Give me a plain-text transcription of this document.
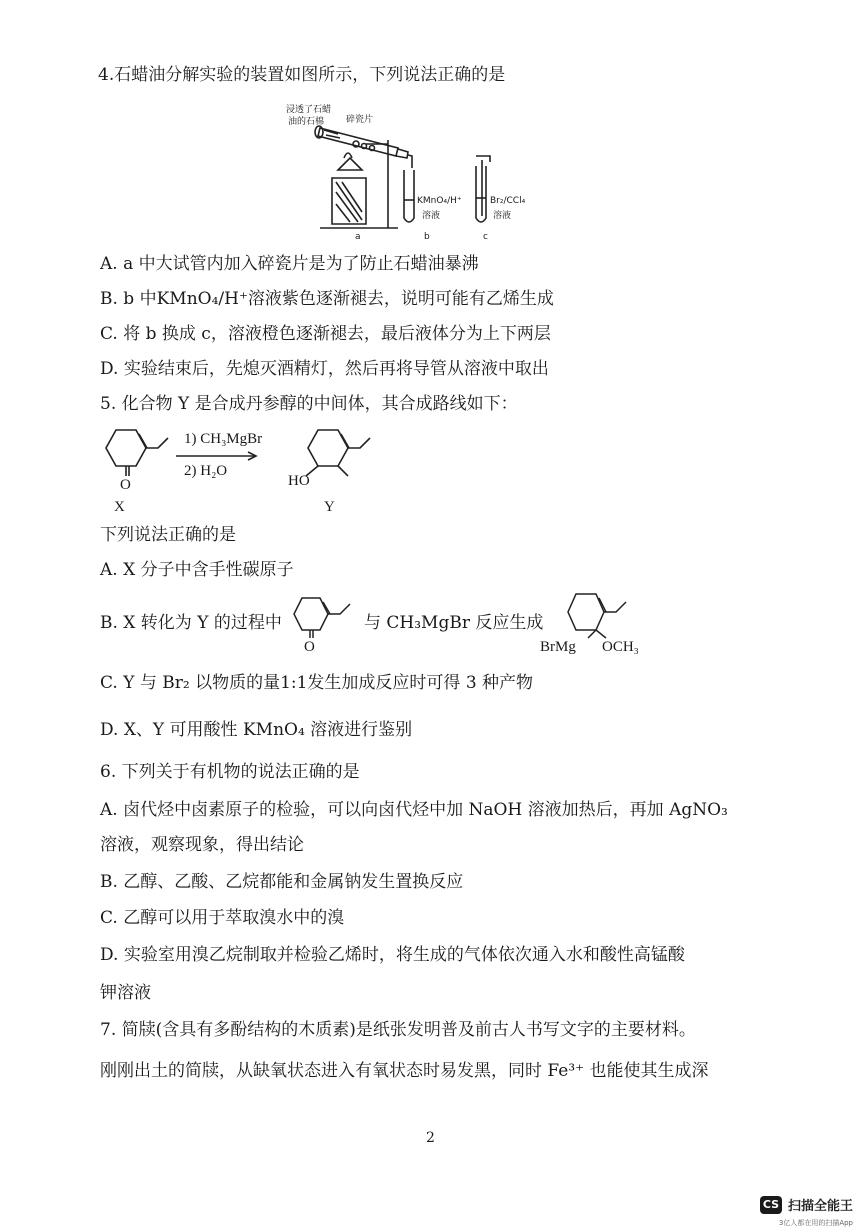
4.石蜡油分解实验的装置如图所示，下列说法正确的是
浸透了石蜡
油的石棉 碎瓷片
KMnO₄/H⁺
溶液
Br₂/CCl₄
溶液
a	b	c
A. a 中大试管内加入碎瓷片是为了防止石蜡油暴沸
B. b 中KMnO₄/H⁺溶液紫色逐渐褪去，说明可能有乙烯生成
C. 将 b 换成 c，溶液橙色逐渐褪去，最后液体分为上下两层
D. 实验结束后，先熄灭酒精灯，然后再将导管从溶液中取出
5. 化合物 Y 是合成丹参醇的中间体，其合成路线如下：
1) CH₃MgBr
2) H₂O
O	HO
X	Y
下列说法正确的是
A. X 分子中含手性碳原子
B. X 转化为 Y 的过程中
O
与 CH₃MgBr 反应生成
BrMg OCH₃
C. Y 与 Br₂ 以物质的量1:1发生加成反应时可得 3 种产物
D. X、Y 可用酸性 KMnO₄ 溶液进行鉴别
6. 下列关于有机物的说法正确的是
A. 卤代烃中卤素原子的检验，可以向卤代烃中加 NaOH 溶液加热后，再加 AgNO₃
溶液，观察现象，得出结论
B. 乙醇、乙酸、乙烷都能和金属钠发生置换反应
C. 乙醇可以用于萃取溴水中的溴
D. 实验室用溴乙烷制取并检验乙烯时，将生成的气体依次通入水和酸性高锰酸
钾溶液
7. 简牍(含具有多酚结构的木质素)是纸张发明普及前古人书写文字的主要材料。
刚刚出土的简牍，从缺氧状态进入有氧状态时易发黑，同时 Fe³⁺ 也能使其生成深
2
CS 扫描全能王
3亿人都在用的扫描App
